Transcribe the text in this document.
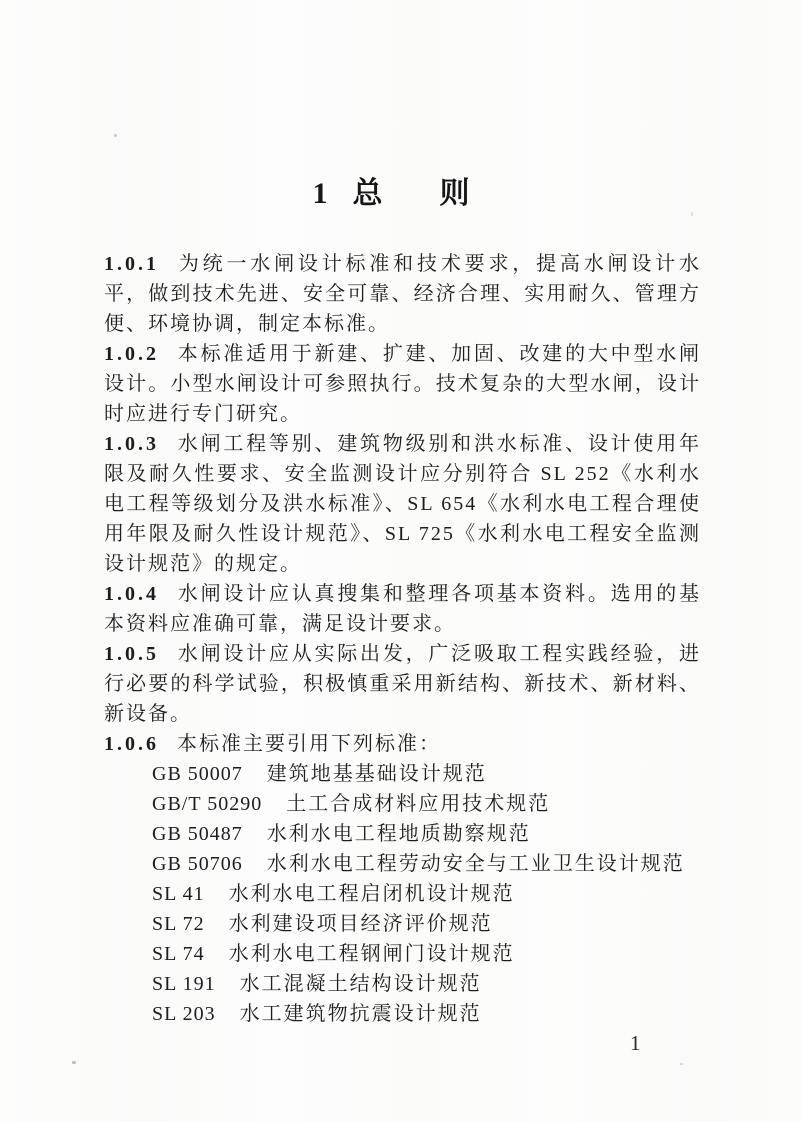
1 总 则

1.0.1 为统一水闸设计标准和技术要求，提高水闸设计水平，做到技术先进、安全可靠、经济合理、实用耐久、管理方便、环境协调，制定本标准。

1.0.2 本标准适用于新建、扩建、加固、改建的大中型水闸设计。小型水闸设计可参照执行。技术复杂的大型水闸，设计时应进行专门研究。

1.0.3 水闸工程等别、建筑物级别和洪水标准、设计使用年限及耐久性要求、安全监测设计应分别符合 SL 252《水利水电工程等级划分及洪水标准》、SL 654《水利水电工程合理使用年限及耐久性设计规范》、SL 725《水利水电工程安全监测设计规范》的规定。

1.0.4 水闸设计应认真搜集和整理各项基本资料。选用的基本资料应准确可靠，满足设计要求。

1.0.5 水闸设计应从实际出发，广泛吸取工程实践经验，进行必要的科学试验，积极慎重采用新结构、新技术、新材料、新设备。

1.0.6 本标准主要引用下列标准：

GB 50007 建筑地基基础设计规范
GB/T 50290 土工合成材料应用技术规范
GB 50487 水利水电工程地质勘察规范
GB 50706 水利水电工程劳动安全与工业卫生设计规范
SL 41 水利水电工程启闭机设计规范
SL 72 水利建设项目经济评价规范
SL 74 水利水电工程钢闸门设计规范
SL 191 水工混凝土结构设计规范
SL 203 水工建筑物抗震设计规范
1
